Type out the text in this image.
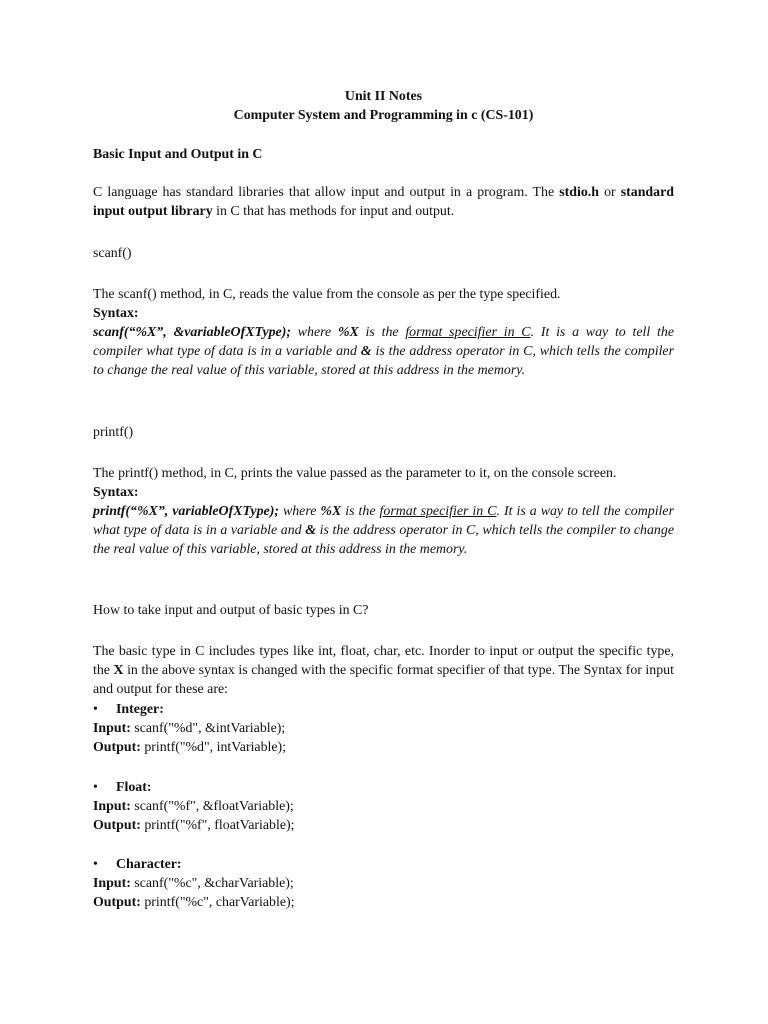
Unit II Notes

Computer System and Programming in c (CS-101)

Basic Input and Output in C

C language has standard libraries that allow input and output in a program. The stdio.h or standard input output library in C that has methods for input and output.

scanf()

The scanf() method, in C, reads the value from the console as per the type specified.

Syntax:

scanf(“%X”, &variableOfXType); where %X is the format specifier in C. It is a way to tell the compiler what type of data is in a variable and & is the address operator in C, which tells the compiler to change the real value of this variable, stored at this address in the memory.

printf()

The printf() method, in C, prints the value passed as the parameter to it, on the console screen.

Syntax:

printf(“%X”, variableOfXType); where %X is the format specifier in C. It is a way to tell the compiler what type of data is in a variable and & is the address operator in C, which tells the compiler to change the real value of this variable, stored at this address in the memory.

How to take input and output of basic types in C?

The basic type in C includes types like int, float, char, etc. Inorder to input or output the specific type, the X in the above syntax is changed with the specific format specifier of that type. The Syntax for input and output for these are:

• Integer:
Input: scanf("%d", &intVariable);
Output: printf("%d", intVariable);
• Float:
Input: scanf("%f", &floatVariable);
Output: printf("%f", floatVariable);
• Character:
Input: scanf("%c", &charVariable);
Output: printf("%c", charVariable);
